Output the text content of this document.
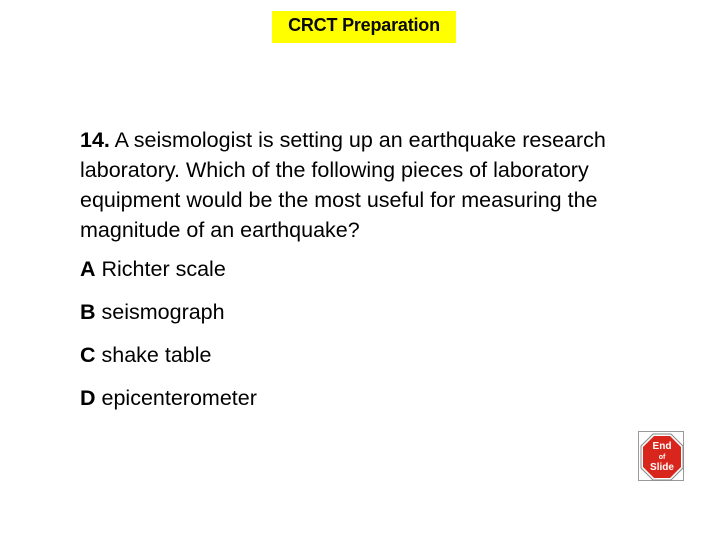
CRCT Preparation
14. A seismologist is setting up an earthquake research laboratory. Which of the following pieces of laboratory equipment would be the most useful for measuring the magnitude of an earthquake?
A Richter scale
B seismograph
C shake table
D epicenterometer
End
of
Slide
